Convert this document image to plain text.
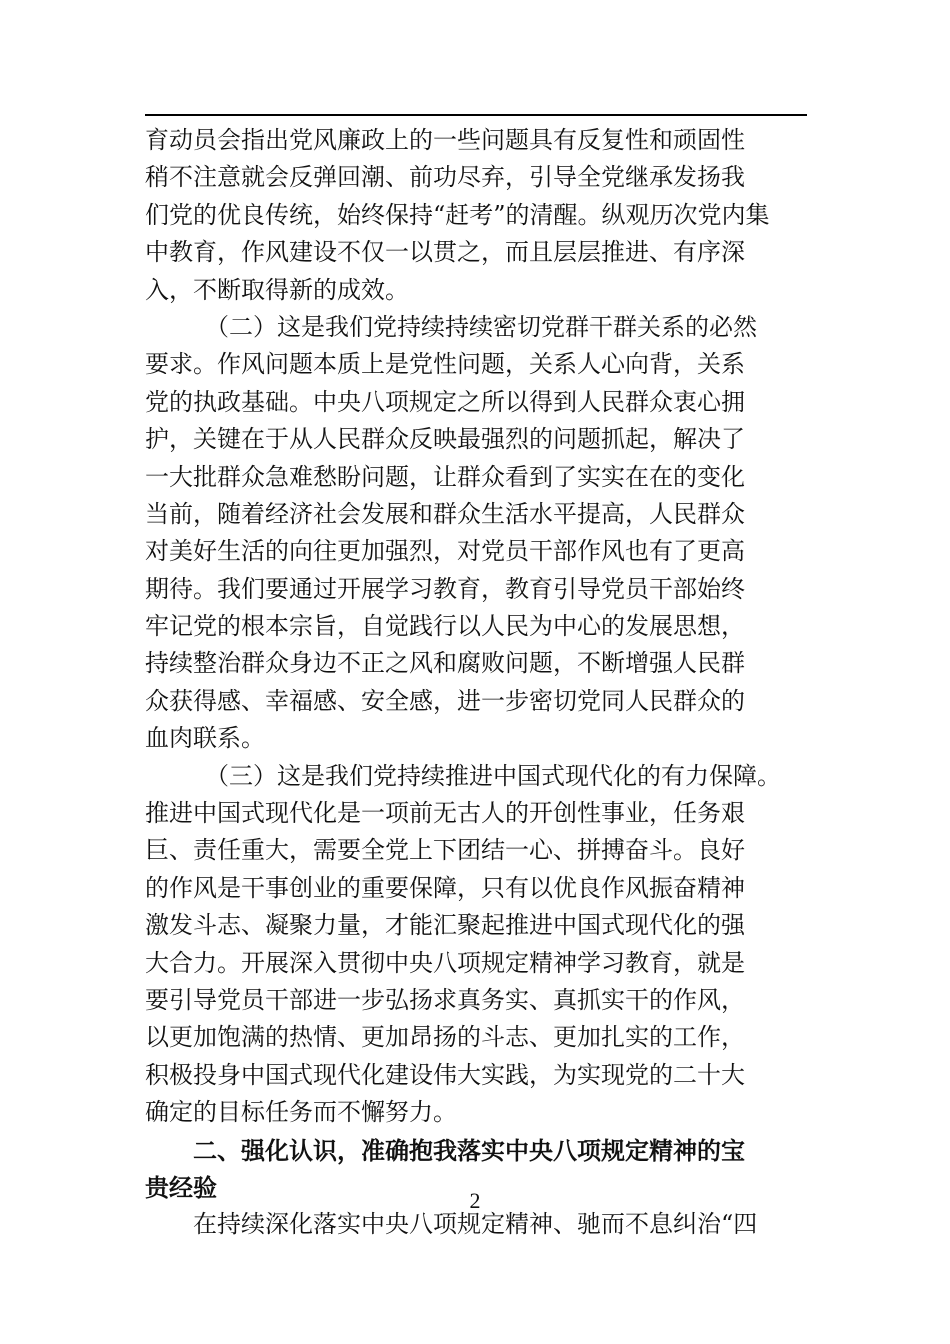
育动员会指出党风廉政上的一些问题具有反复性和顽固性
稍不注意就会反弹回潮、前功尽弃，引导全党继承发扬我
们党的优良传统，始终保持“赶考”的清醒。纵观历次党内集
中教育，作风建设不仅一以贯之，而且层层推进、有序深
入，不断取得新的成效。
（二）这是我们党持续持续密切党群干群关系的必然
要求。作风问题本质上是党性问题，关系人心向背，关系
党的执政基础。中央八项规定之所以得到人民群众衷心拥
护，关键在于从人民群众反映最强烈的问题抓起，解决了
一大批群众急难愁盼问题，让群众看到了实实在在的变化
当前，随着经济社会发展和群众生活水平提高，人民群众
对美好生活的向往更加强烈，对党员干部作风也有了更高
期待。我们要通过开展学习教育，教育引导党员干部始终
牢记党的根本宗旨，自觉践行以人民为中心的发展思想，
持续整治群众身边不正之风和腐败问题，不断增强人民群
众获得感、幸福感、安全感，进一步密切党同人民群众的
血肉联系。
（三）这是我们党持续推进中国式现代化的有力保障。
推进中国式现代化是一项前无古人的开创性事业，任务艰
巨、责任重大，需要全党上下团结一心、拼搏奋斗。良好
的作风是干事创业的重要保障，只有以优良作风振奋精神
激发斗志、凝聚力量，才能汇聚起推进中国式现代化的强
大合力。开展深入贯彻中央八项规定精神学习教育，就是
要引导党员干部进一步弘扬求真务实、真抓实干的作风，
以更加饱满的热情、更加昂扬的斗志、更加扎实的工作，
积极投身中国式现代化建设伟大实践，为实现党的二十大
确定的目标任务而不懈努力。
二、强化认识，准确抱我落实中央八项规定精神的宝
贵经验
在持续深化落实中央八项规定精神、驰而不息纠治“四
2
